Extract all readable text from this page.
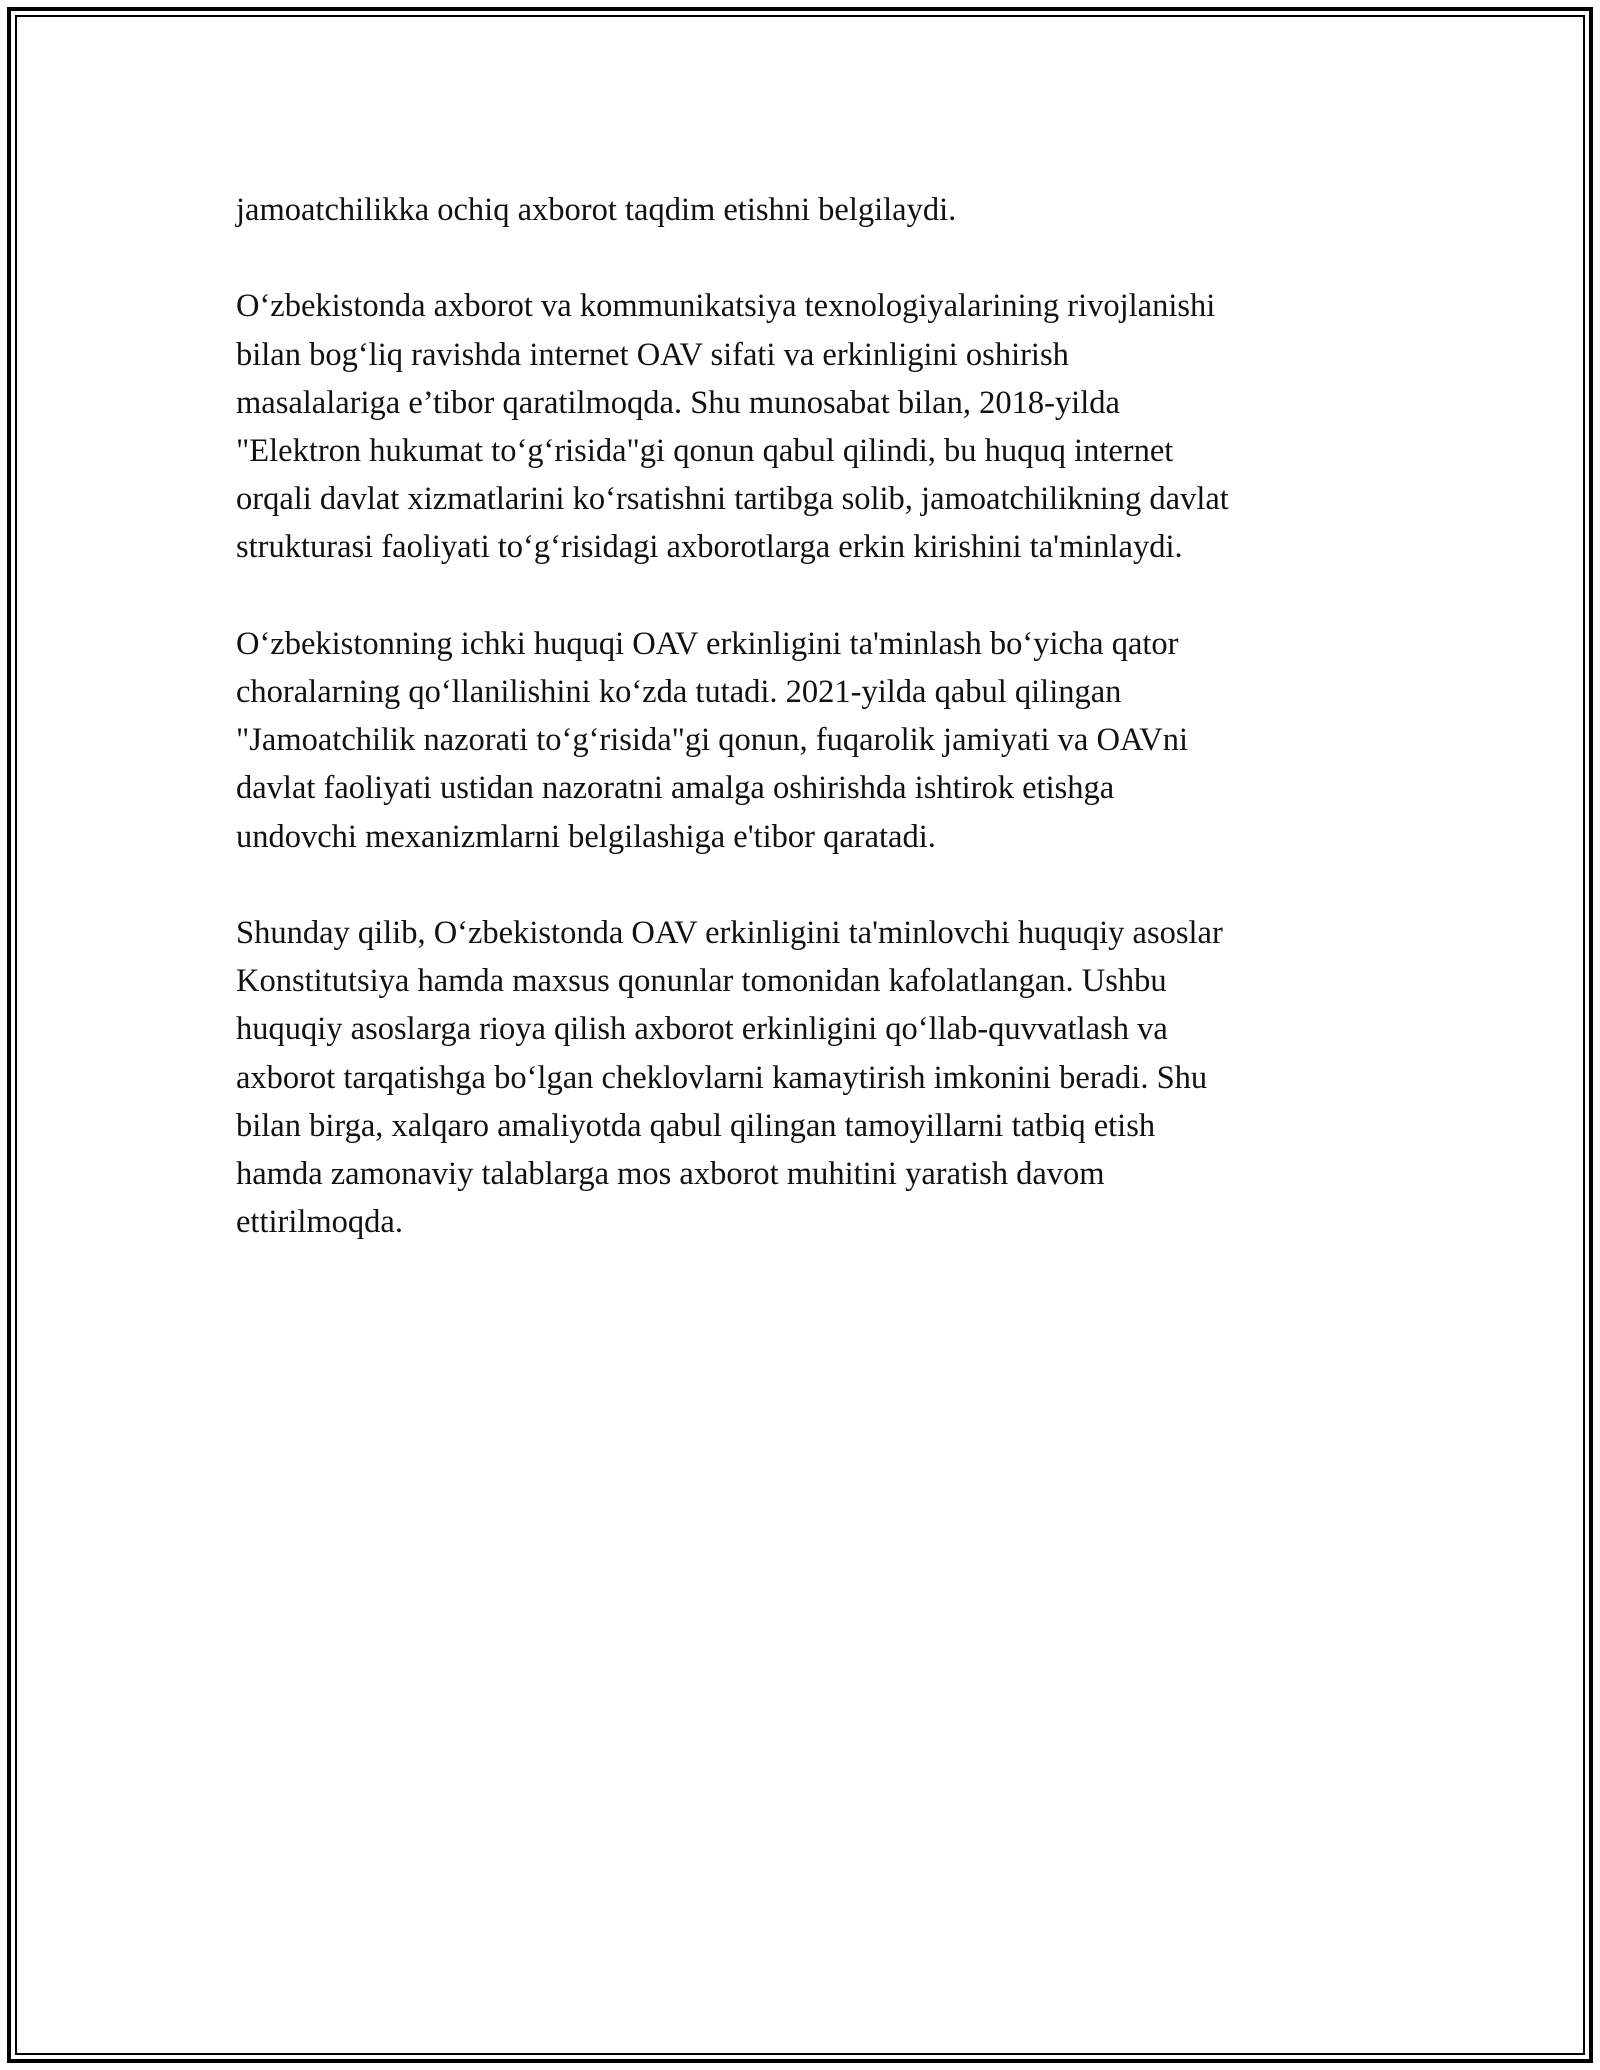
jamoatchilikka ochiq axborot taqdim etishni belgilaydi.

O‘zbekistonda axborot va kommunikatsiya texnologiyalarining rivojlanishi
bilan bog‘liq ravishda internet OAV sifati va erkinligini oshirish
masalalariga e’tibor qaratilmoqda. Shu munosabat bilan, 2018-yilda
"Elektron hukumat to‘g‘risida"gi qonun qabul qilindi, bu huquq internet
orqali davlat xizmatlarini ko‘rsatishni tartibga solib, jamoatchilikning davlat
strukturasi faoliyati to‘g‘risidagi axborotlarga erkin kirishini ta'minlaydi.

O‘zbekistonning ichki huquqi OAV erkinligini ta'minlash bo‘yicha qator
choralarning qo‘llanilishini ko‘zda tutadi. 2021-yilda qabul qilingan
"Jamoatchilik nazorati to‘g‘risida"gi qonun, fuqarolik jamiyati va OAVni
davlat faoliyati ustidan nazoratni amalga oshirishda ishtirok etishga
undovchi mexanizmlarni belgilashiga e'tibor qaratadi.

Shunday qilib, O‘zbekistonda OAV erkinligini ta'minlovchi huquqiy asoslar
Konstitutsiya hamda maxsus qonunlar tomonidan kafolatlangan. Ushbu
huquqiy asoslarga rioya qilish axborot erkinligini qo‘llab-quvvatlash va
axborot tarqatishga bo‘lgan cheklovlarni kamaytirish imkonini beradi. Shu
bilan birga, xalqaro amaliyotda qabul qilingan tamoyillarni tatbiq etish
hamda zamonaviy talablarga mos axborot muhitini yaratish davom
ettirilmoqda.
